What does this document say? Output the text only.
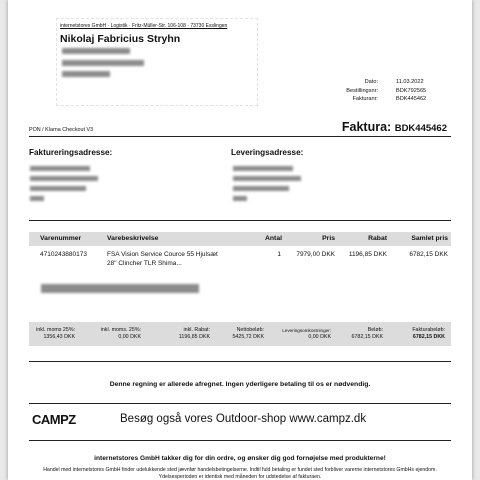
internetstores GmbH · Logistik · Fritz-Müller-Str. 106-108 · 73730 Esslingen
Nikolaj Fabricius Stryhn
Dato:	11.03.2022
Bestillingsnr:	BDK792565
Fakturanr:	BDK445462
PON / Klarna Checkout V3	Faktura: BDK445462
Faktureringsadresse:	Leveringsadresse:
Varenummer	Varebeskrivelse	Antal	Pris	Rabat	Samlet pris
4710243880173	FSA Vision Service Cource 55 Hjulsæt
28" Clincher TLR Shima...
1 7979,00 DKK 1196,85 DKK	6782,15 DKK
inkl. moms 25%:
1356,43 DKK
inkl. moms. 25%:
0,00 DKK
inkl. Rabat:
1196,85 DKK
Nettobeløb:
5425,72 DKK
Leveringsomkostninger:
0,00 DKK
Beløb:
6782,15 DKK
Fakturabeløb:
6782,15 DKK
Denne regning er allerede afregnet. Ingen yderligere betaling til os er nødvendig.
CAMPZ	Besøg også vores Outdoor-shop www.campz.dk
internetstores GmbH takker dig for din ordre, og ønsker dig god fornøjelse med produkterne!
Handel med internetstores GmbH finder udelukkende sted jævnfør handelsbetingelserne. Indtil fuld betaling er fundet sted forbliver varerne internetstores GmbHs ejendom. Ydelsesperioden er identisk med måneden for udstedelse af fakturaen.
